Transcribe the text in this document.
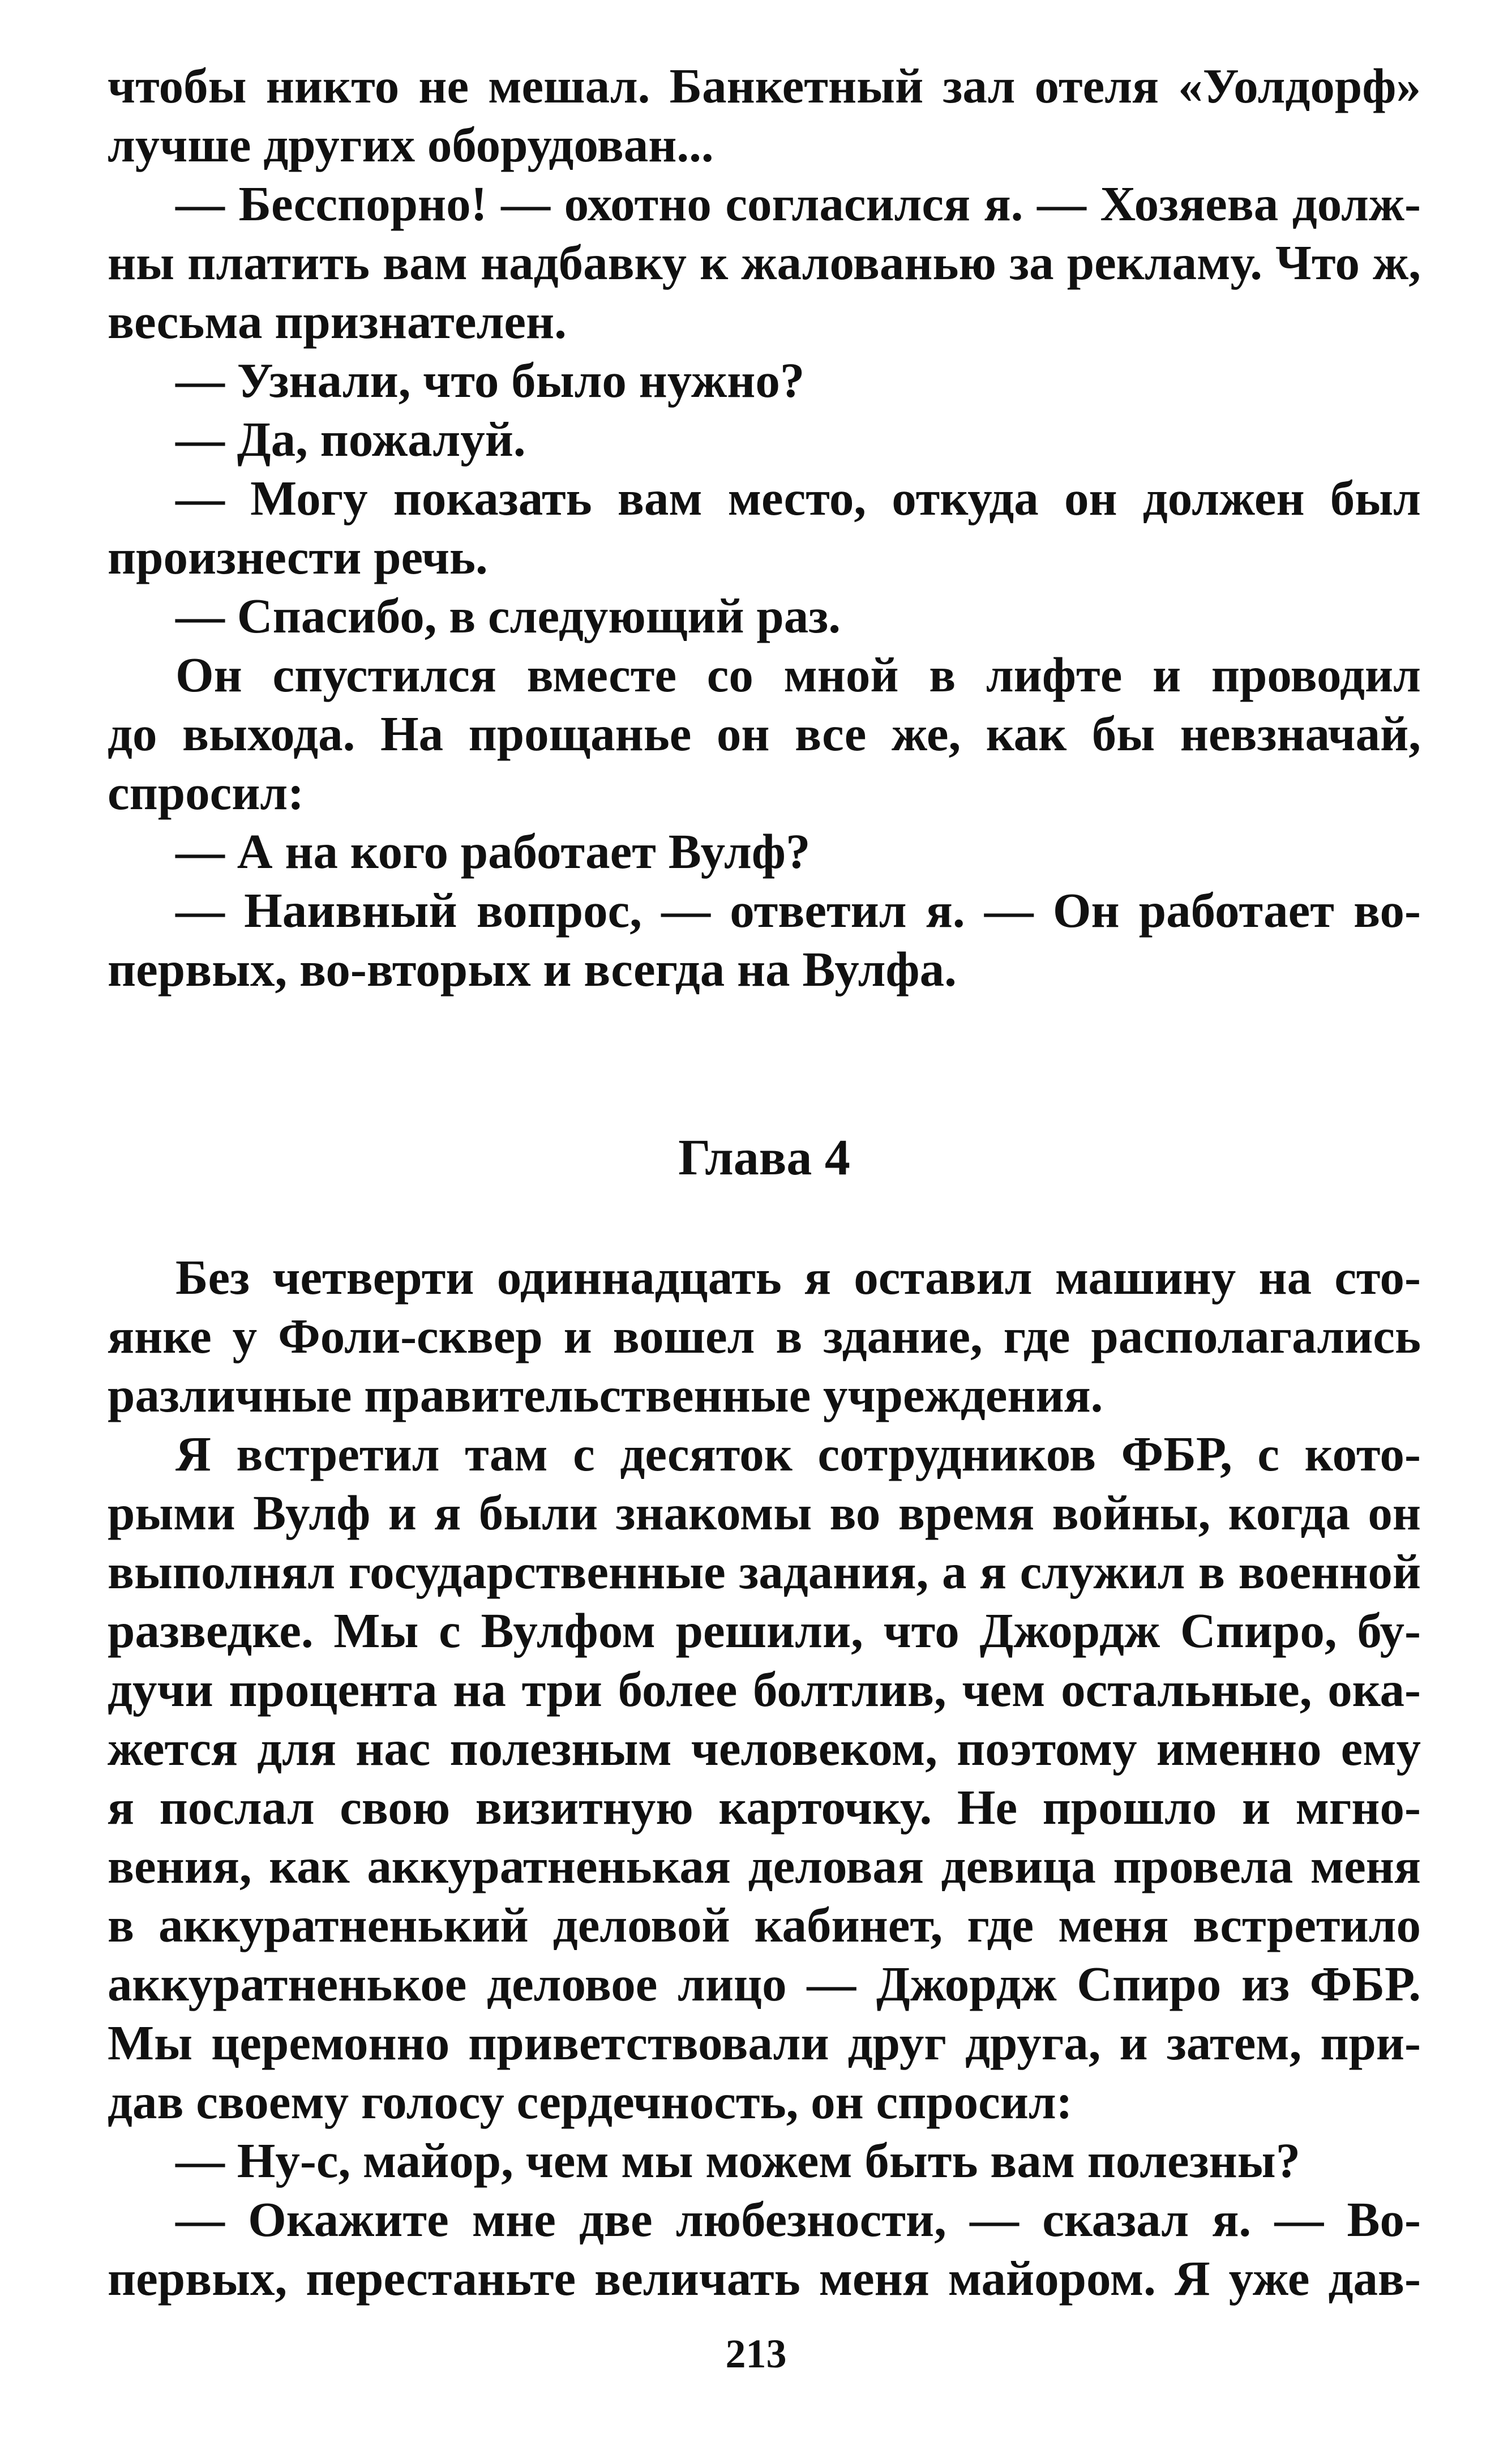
чтобы никто не мешал. Банкетный зал отеля «Уолдорф»
лучше других оборудован...
— Бесспорно! — охотно согласился я. — Хозяева долж-
ны платить вам надбавку к жалованью за рекламу. Что ж,
весьма признателен.
— Узнали, что было нужно?
— Да, пожалуй.
— Могу показать вам место, откуда он должен был
произнести речь.
— Спасибо, в следующий раз.
Он спустился вместе со мной в лифте и проводил
до выхода. На прощанье он все же, как бы невзначай,
спросил:
— А на кого работает Вулф?
— Наивный вопрос, — ответил я. — Он работает во-
первых, во-вторых и всегда на Вулфа.
Глава 4
Без четверти одиннадцать я оставил машину на сто-
янке у Фоли-сквер и вошел в здание, где располагались
различные правительственные учреждения.
Я встретил там с десяток сотрудников ФБР, с кото-
рыми Вулф и я были знакомы во время войны, когда он
выполнял государственные задания, а я служил в военной
разведке. Мы с Вулфом решили, что Джордж Спиро, бу-
дучи процента на три более болтлив, чем остальные, ока-
жется для нас полезным человеком, поэтому именно ему
я послал свою визитную карточку. Не прошло и мгно-
вения, как аккуратненькая деловая девица провела меня
в аккуратненький деловой кабинет, где меня встретило
аккуратненькое деловое лицо — Джордж Спиро из ФБР.
Мы церемонно приветствовали друг друга, и затем, при-
дав своему голосу сердечность, он спросил:
— Ну-с, майор, чем мы можем быть вам полезны?
— Окажите мне две любезности, — сказал я. — Во-
первых, перестаньте величать меня майором. Я уже дав-
213
